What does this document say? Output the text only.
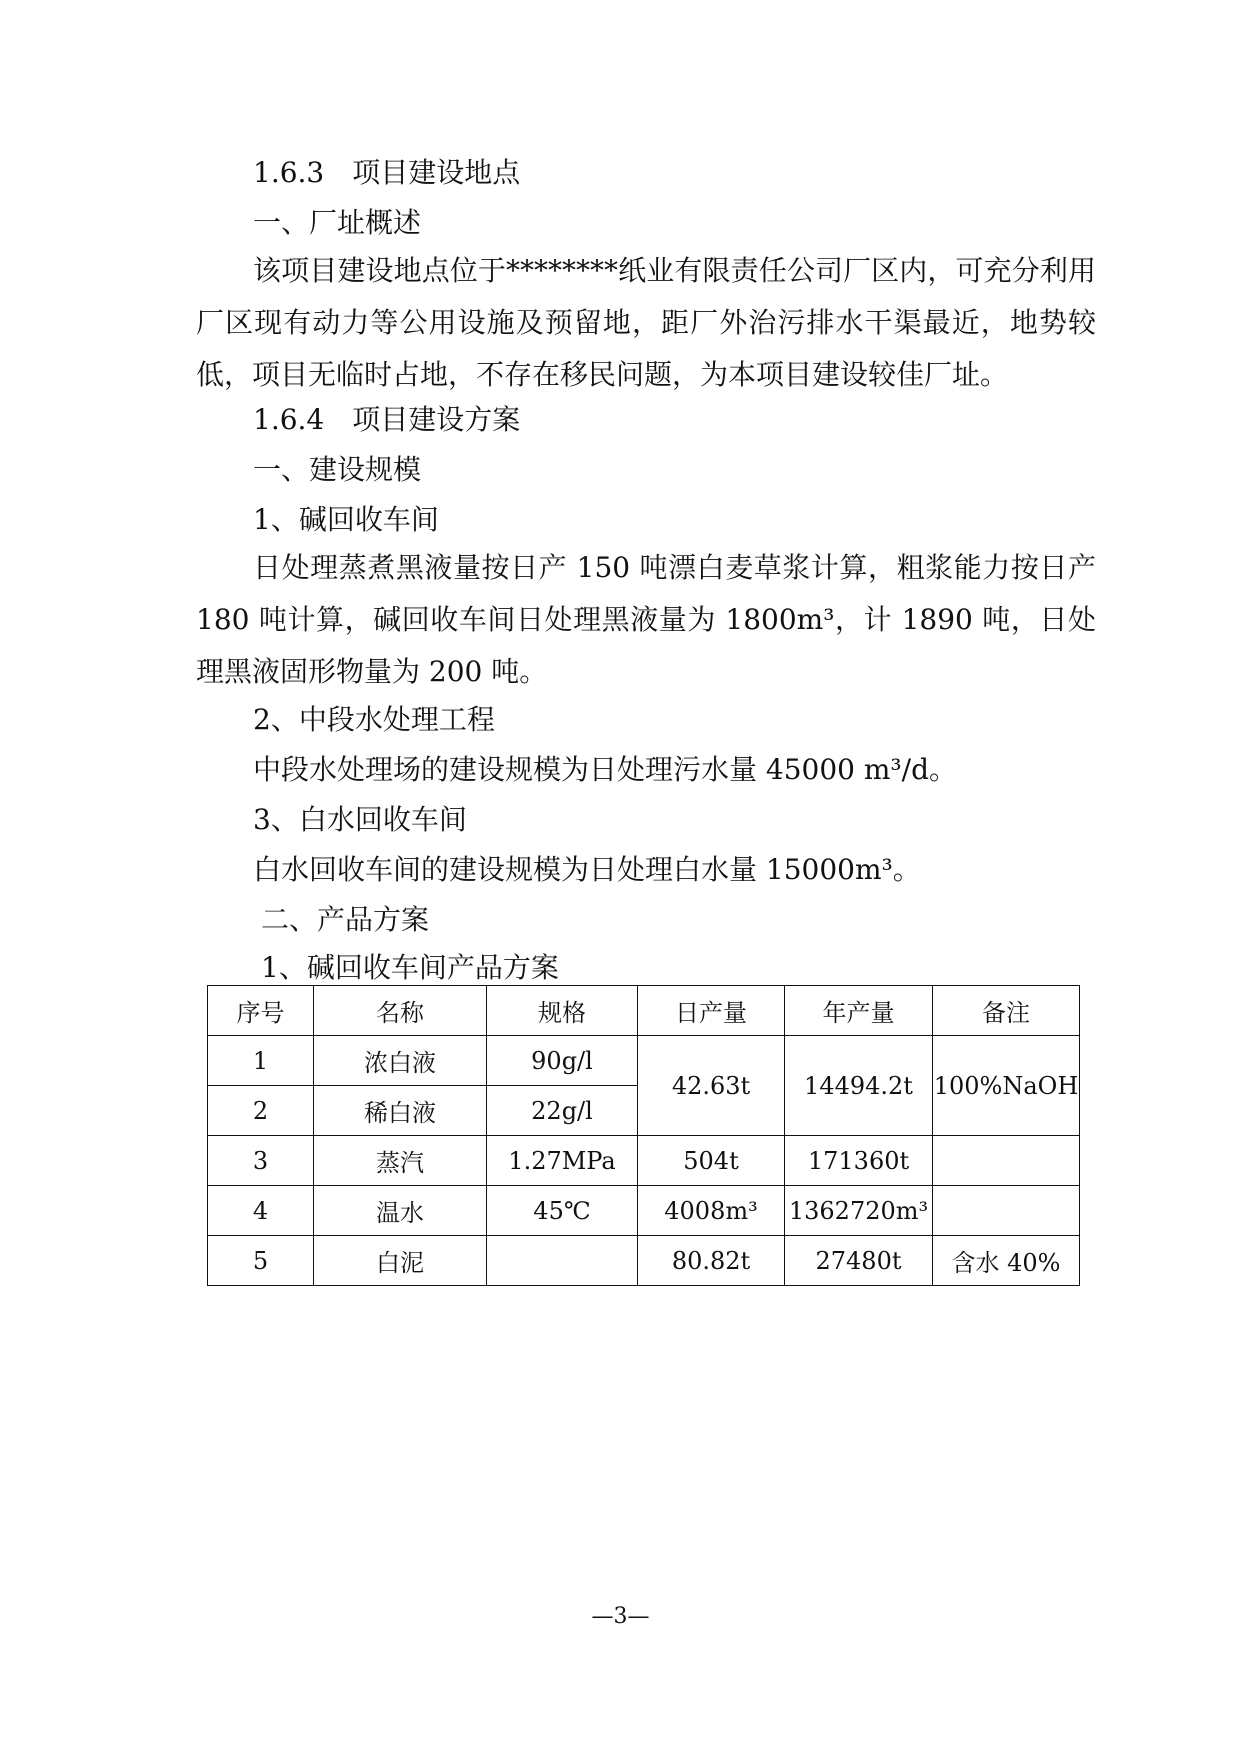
1.6.3　项目建设地点
一、厂址概述
该项目建设地点位于********纸业有限责任公司厂区内，可充分利用厂区现有动力等公用设施及预留地，距厂外治污排水干渠最近，地势较低，项目无临时占地，不存在移民问题，为本项目建设较佳厂址。
1.6.4　项目建设方案
一、建设规模
1、碱回收车间
日处理蒸煮黑液量按日产 150 吨漂白麦草浆计算，粗浆能力按日产 180 吨计算，碱回收车间日处理黑液量为 1800m³，计 1890 吨，日处理黑液固形物量为 200 吨。
2、中段水处理工程
中段水处理场的建设规模为日处理污水量 45000 m³/d。
3、白水回收车间
白水回收车间的建设规模为日处理白水量 15000m³。
二、产品方案
1、碱回收车间产品方案
序号	名称	规格	日产量	年产量	备注
1	浓白液	90g/l	42.63t	14494.2t	100%NaOH
2	稀白液	22g/l			
3	蒸汽	1.27MPa	504t	171360t	
4	温水	45℃	4008m³	1362720m³	
5	白泥		80.82t	27480t	含水 40%
—3—
